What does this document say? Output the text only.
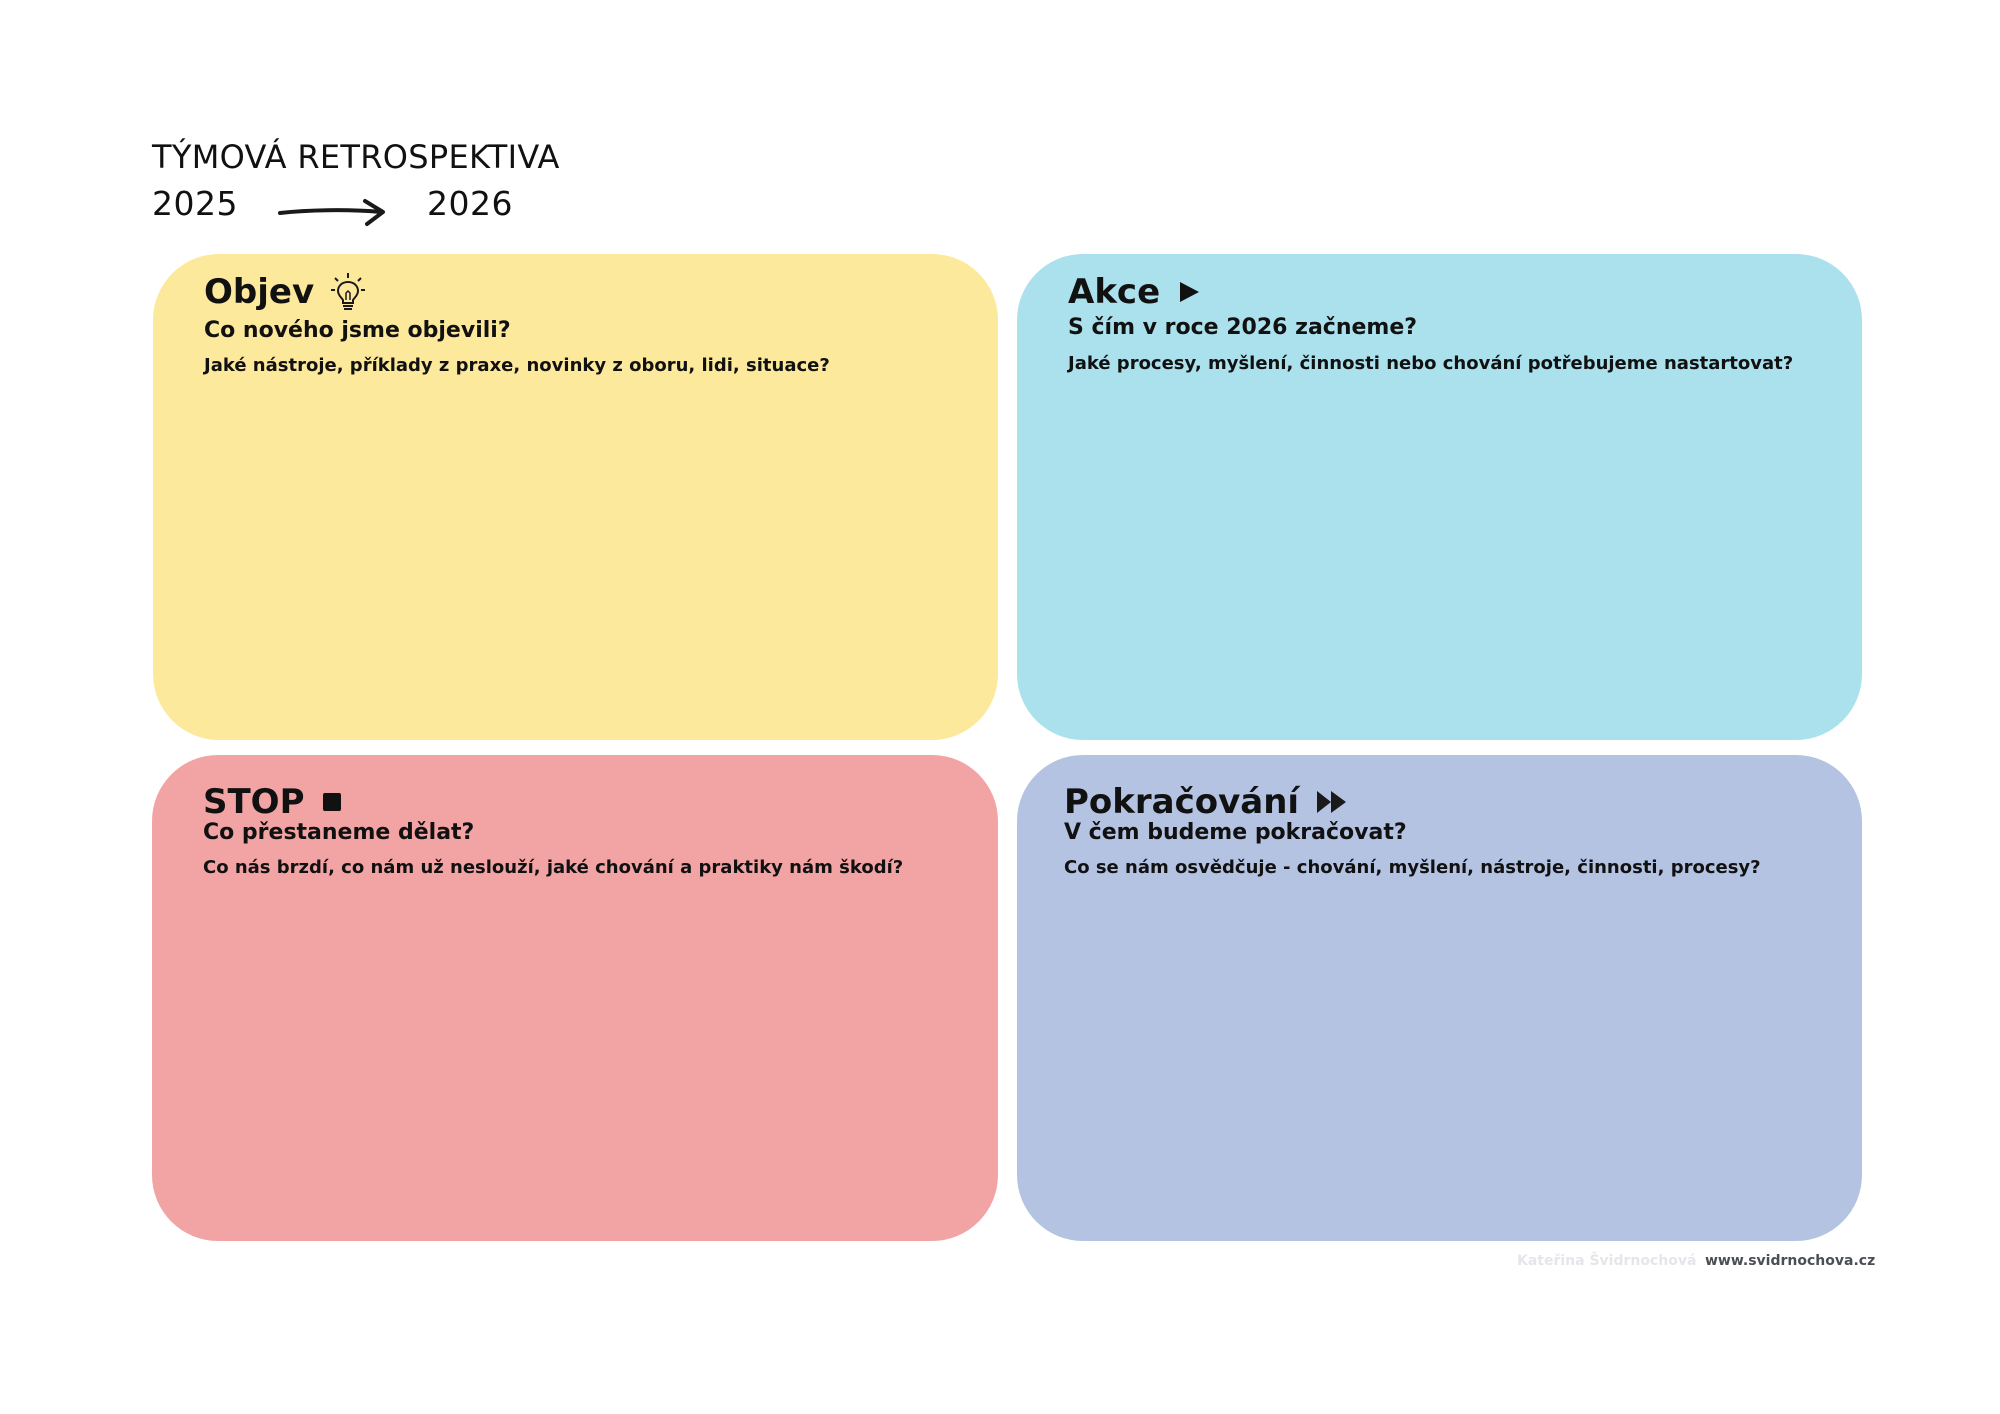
TÝMOVÁ RETROSPEKTIVA
2025	2026
Objev
Co nového jsme objevili?
Jaké nástroje, příklady z praxe, novinky z oboru, lidi, situace?
Akce
S čím v roce 2026 začneme?
Jaké procesy, myšlení, činnosti nebo chování potřebujeme nastartovat?
STOP
Co přestaneme dělat?
Co nás brzdí, co nám už neslouží, jaké chování a praktiky nám škodí?
Pokračování
V čem budeme pokračovat?
Co se nám osvědčuje - chování, myšlení, nástroje, činnosti, procesy?
Kateřina Švidrnochová www.svidrnochova.cz
